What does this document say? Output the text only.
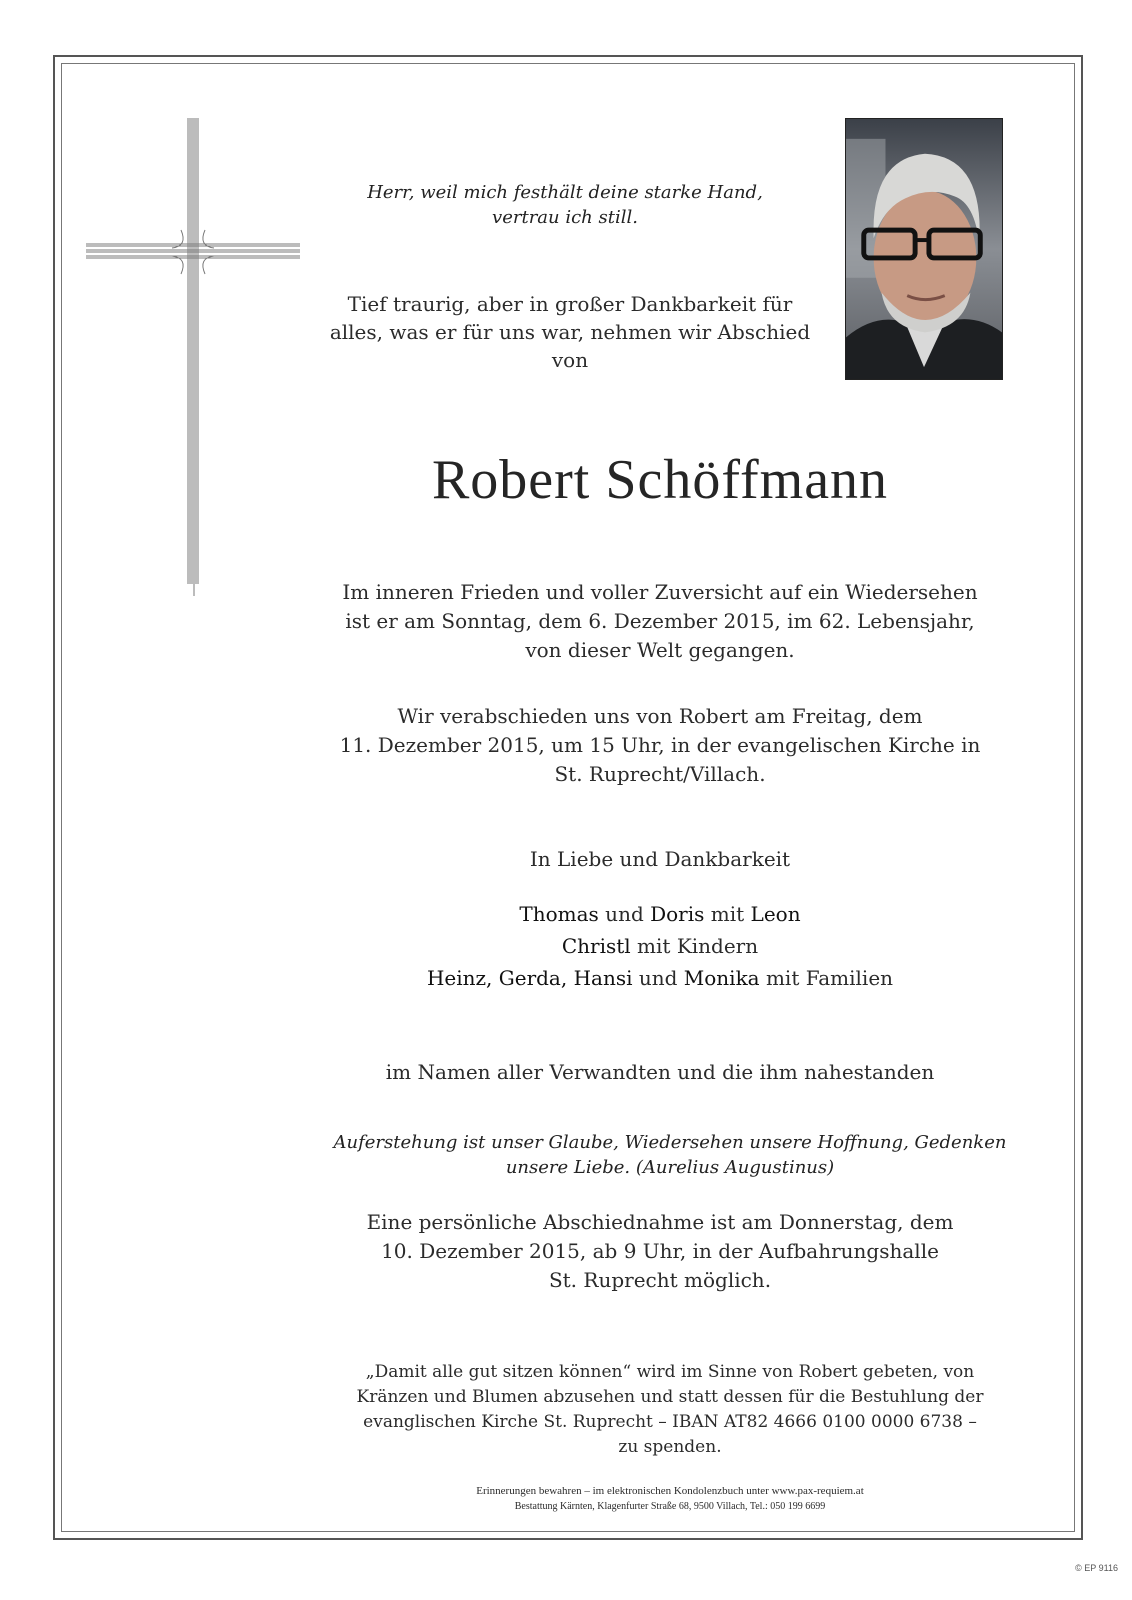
Herr, weil mich festhält deine starke Hand,
vertrau ich still.
Tief traurig, aber in großer Dankbarkeit für
alles, was er für uns war, nehmen wir Abschied
von
Robert Schöffmann
Im inneren Frieden und voller Zuversicht auf ein Wiedersehen
ist er am Sonntag, dem 6. Dezember 2015, im 62. Lebensjahr,
von dieser Welt gegangen.
Wir verabschieden uns von Robert am Freitag, dem
11. Dezember 2015, um 15 Uhr, in der evangelischen Kirche in
St. Ruprecht/Villach.
In Liebe und Dankbarkeit
Thomas und Doris mit Leon
Christl mit Kindern
Heinz, Gerda, Hansi und Monika mit Familien
im Namen aller Verwandten und die ihm nahestanden
Auferstehung ist unser Glaube, Wiedersehen unsere Hoffnung, Gedenken
unsere Liebe. (Aurelius Augustinus)
Eine persönliche Abschiednahme ist am Donnerstag, dem
10. Dezember 2015, ab 9 Uhr, in der Aufbahrungshalle
St. Ruprecht möglich.
„Damit alle gut sitzen können“ wird im Sinne von Robert gebeten, von
Kränzen und Blumen abzusehen und statt dessen für die Bestuhlung der
evanglischen Kirche St. Ruprecht – IBAN AT82 4666 0100 0000 6738 –
zu spenden.
Erinnerungen bewahren – im elektronischen Kondolenzbuch unter www.pax-requiem.at
Bestattung Kärnten, Klagenfurter Straße 68, 9500 Villach, Tel.: 050 199 6699
© EP 9116
